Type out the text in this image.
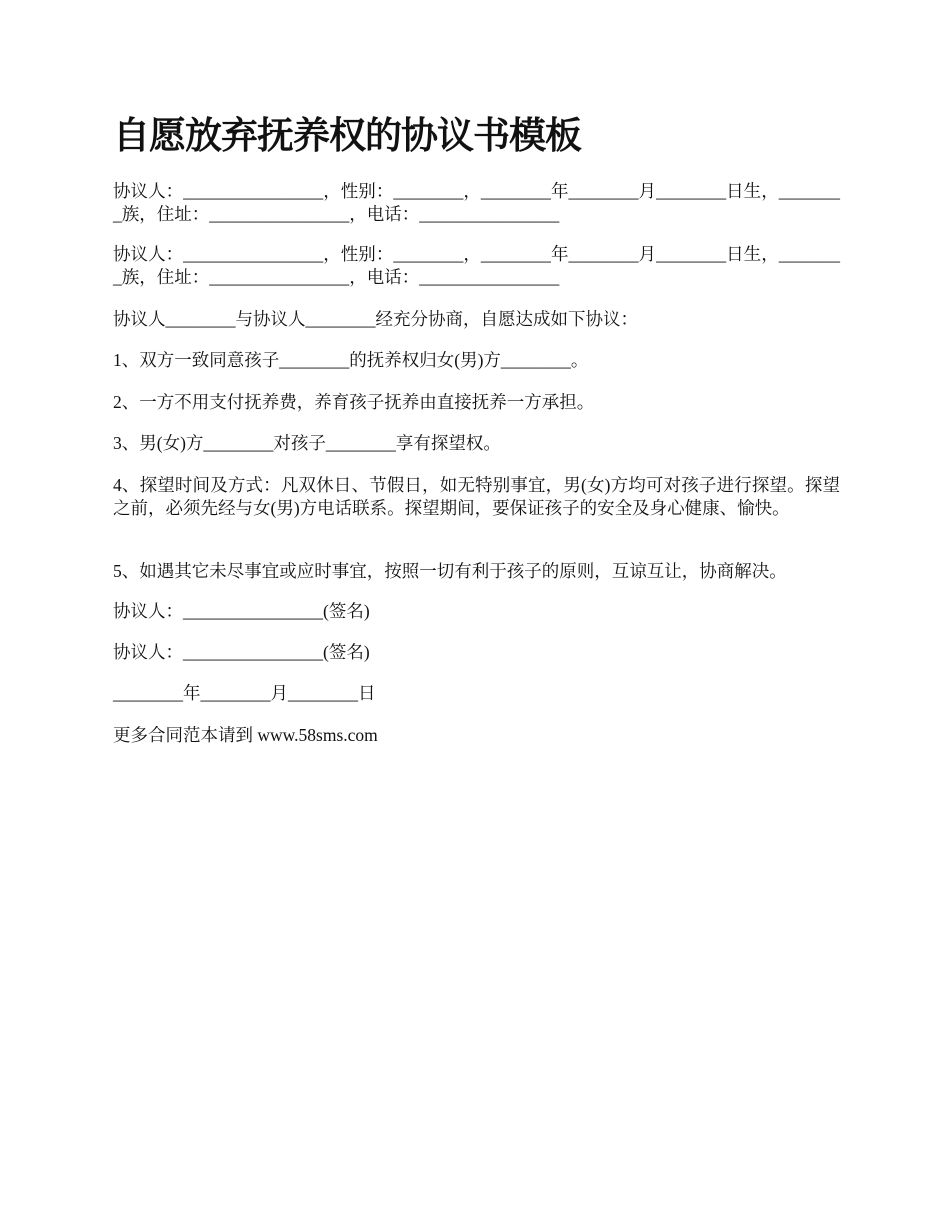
自愿放弃抚养权的协议书模板

协议人：________________，性别：________，________年________月________日生，________族，住址：________________，电话：________________

协议人：________________，性别：________，________年________月________日生，________族，住址：________________，电话：________________

协议人________与协议人________经充分协商，自愿达成如下协议：

1、双方一致同意孩子________的抚养权归女(男)方________。

2、一方不用支付抚养费，养育孩子抚养由直接抚养一方承担。

3、男(女)方________对孩子________享有探望权。

4、探望时间及方式：凡双休日、节假日，如无特别事宜，男(女)方均可对孩子进行探望。探望之前，必须先经与女(男)方电话联系。探望期间，要保证孩子的安全及身心健康、愉快。

5、如遇其它未尽事宜或应时事宜，按照一切有利于孩子的原则，互谅互让，协商解决。

协议人：________________(签名)

协议人：________________(签名)

________年________月________日

更多合同范本请到 www.58sms.com
